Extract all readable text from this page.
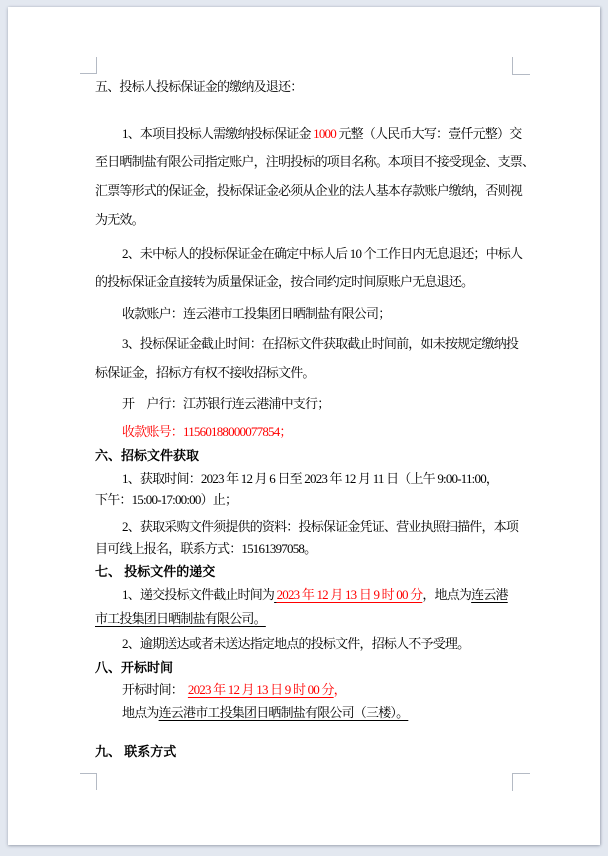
五、投标人投标保证金的缴纳及退还：
1、本项目投标人需缴纳投标保证金 1000 元整（人民币大写：壹仟元整）交
至日晒制盐有限公司指定账户，注明投标的项目名称。本项目不接受现金、支票、
汇票等形式的保证金，投标保证金必须从企业的法人基本存款账户缴纳，否则视
为无效。
2、未中标人的投标保证金在确定中标人后 10 个工作日内无息退还；中标人
的投标保证金直接转为质量保证金，按合同约定时间原账户无息退还。
收款账户：连云港市工投集团日晒制盐有限公司；
3、投标保证金截止时间：在招标文件获取截止时间前，如未按规定缴纳投
标保证金，招标方有权不接收招标文件。
开　户行：江苏银行连云港浦中支行；
收款账号：11560188000077854；
六、招标文件获取
1、获取时间：2023 年 12 月 6 日至 2023 年 12 月 11 日（上午 9:00-11:00，
下午：15:00-17:00:00）止；
2、获取采购文件须提供的资料：投标保证金凭证、营业执照扫描件，本项
目可线上报名，联系方式：15161397058。
七、 投标文件的递交
1、递交投标文件截止时间为 2023 年 12 月 13 日 9 时 00 分，地点为连云港
市工投集团日晒制盐有限公司。
2、逾期送达或者未送达指定地点的投标文件，招标人不予受理。
八、开标时间
开标时间：  2023 年 12 月 13 日 9 时 00 分，
地点为连云港市工投集团日晒制盐有限公司（三楼）。
九、 联系方式
